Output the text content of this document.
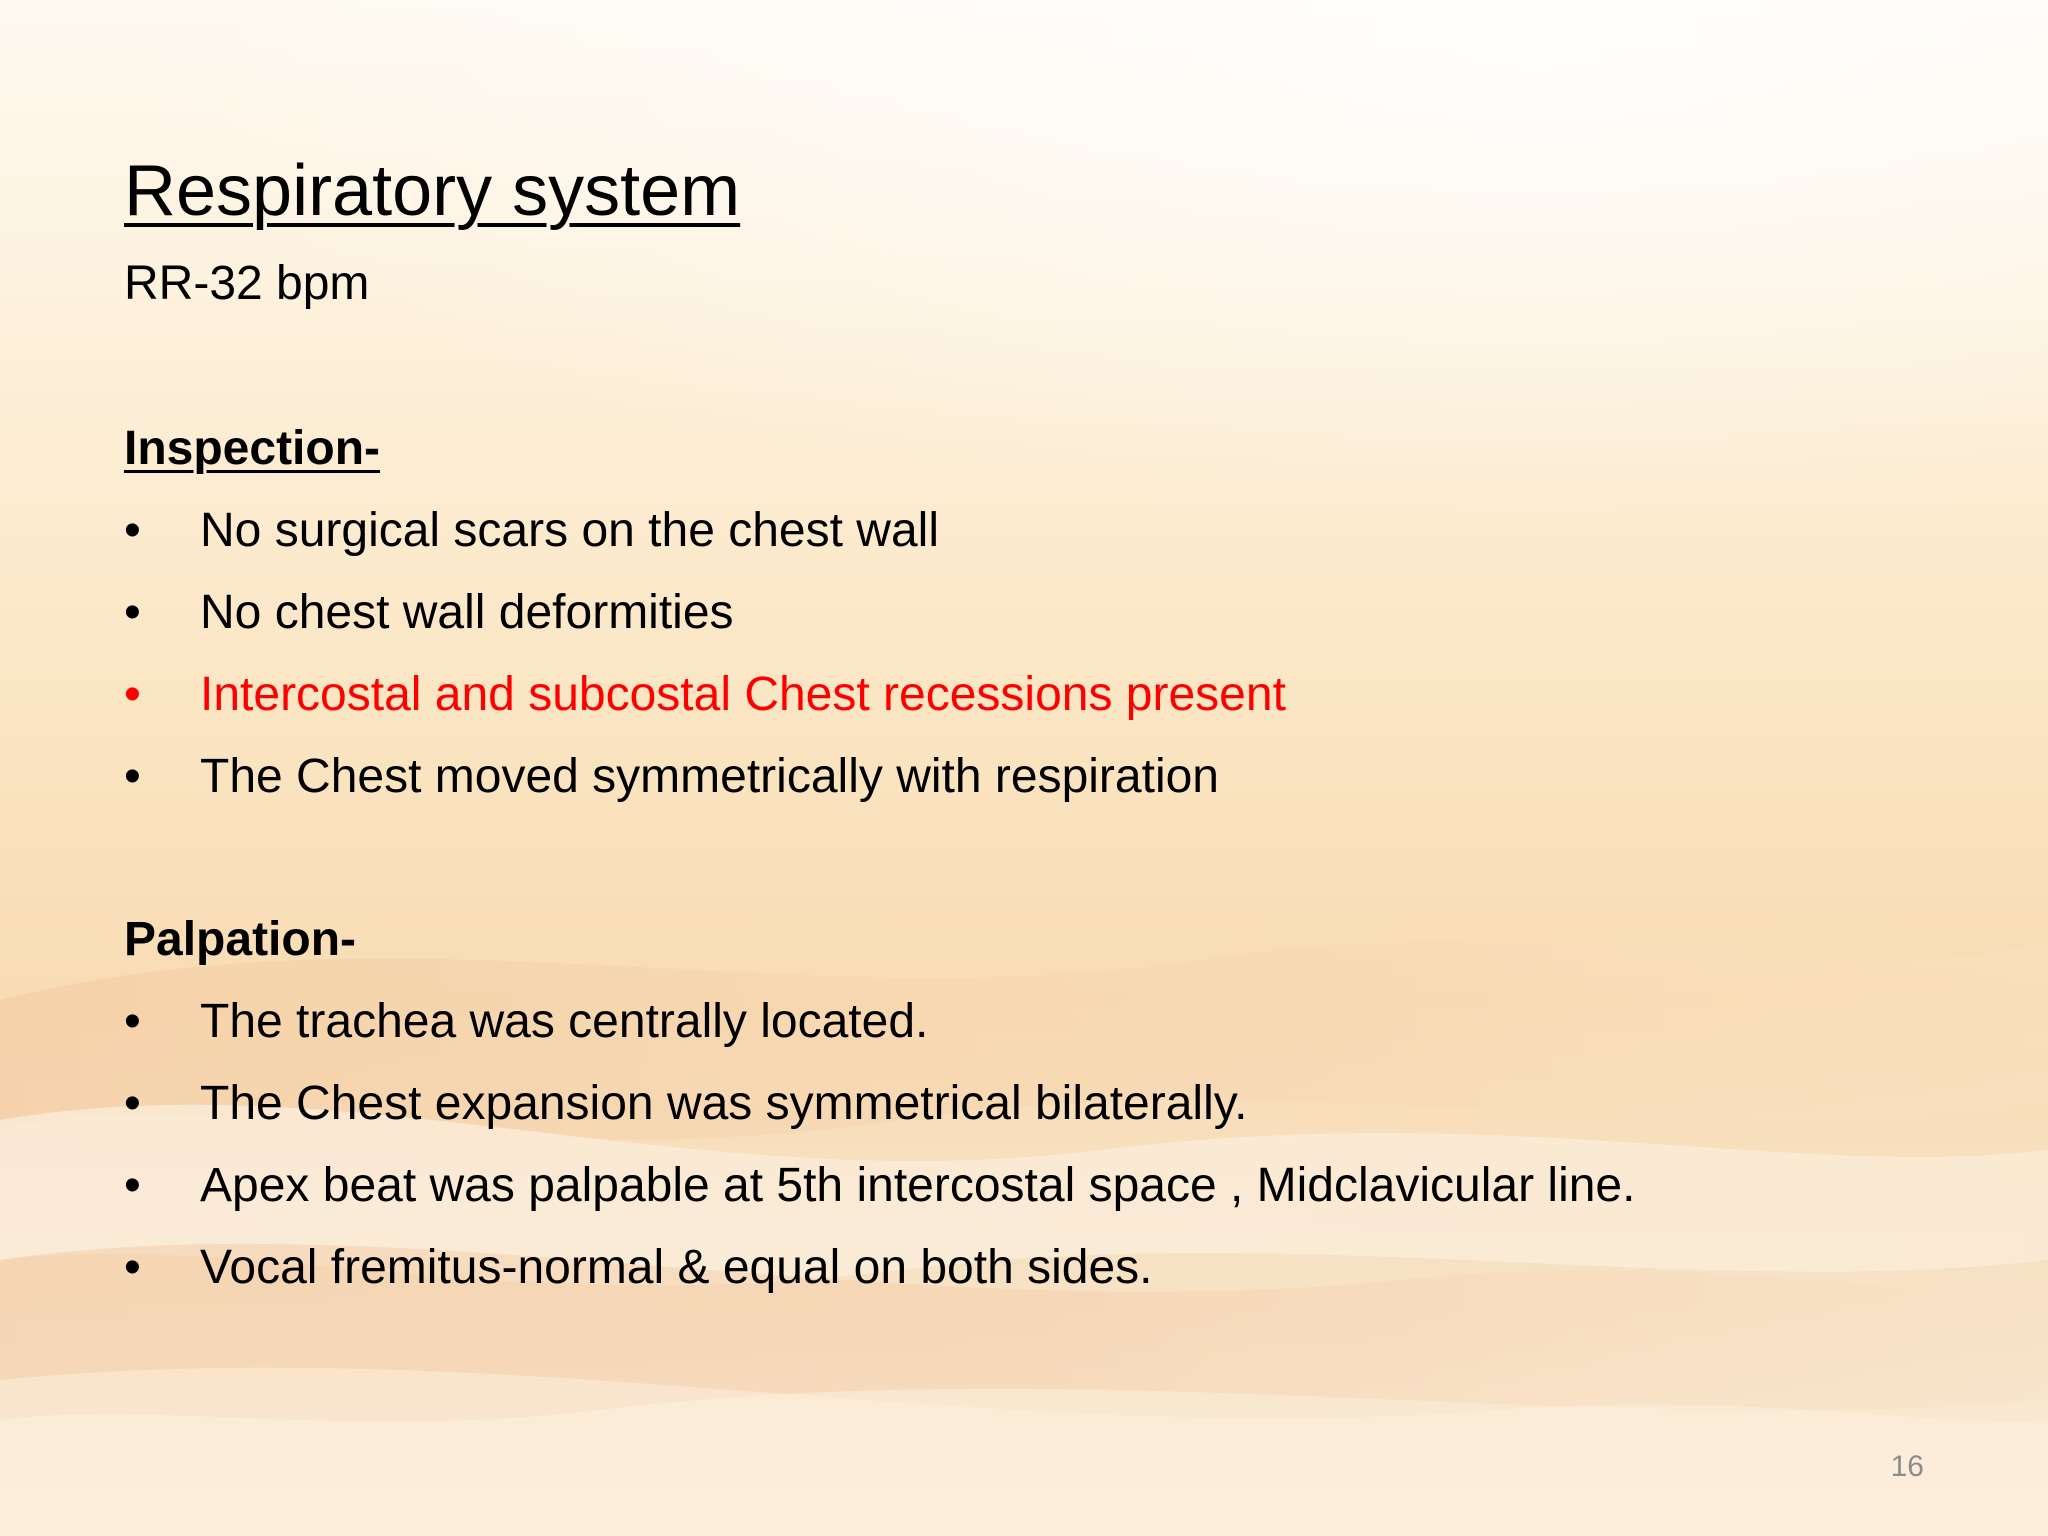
Respiratory system
RR-32 bpm
Inspection-
• No surgical scars on the chest wall
• No chest wall deformities
• Intercostal and subcostal Chest recessions present
• The Chest moved symmetrically with respiration
Palpation-
• The trachea was centrally located.
• The Chest expansion was symmetrical bilaterally.
• Apex beat was palpable at 5th intercostal space , Midclavicular line.
• Vocal fremitus-normal & equal on both sides.
16
